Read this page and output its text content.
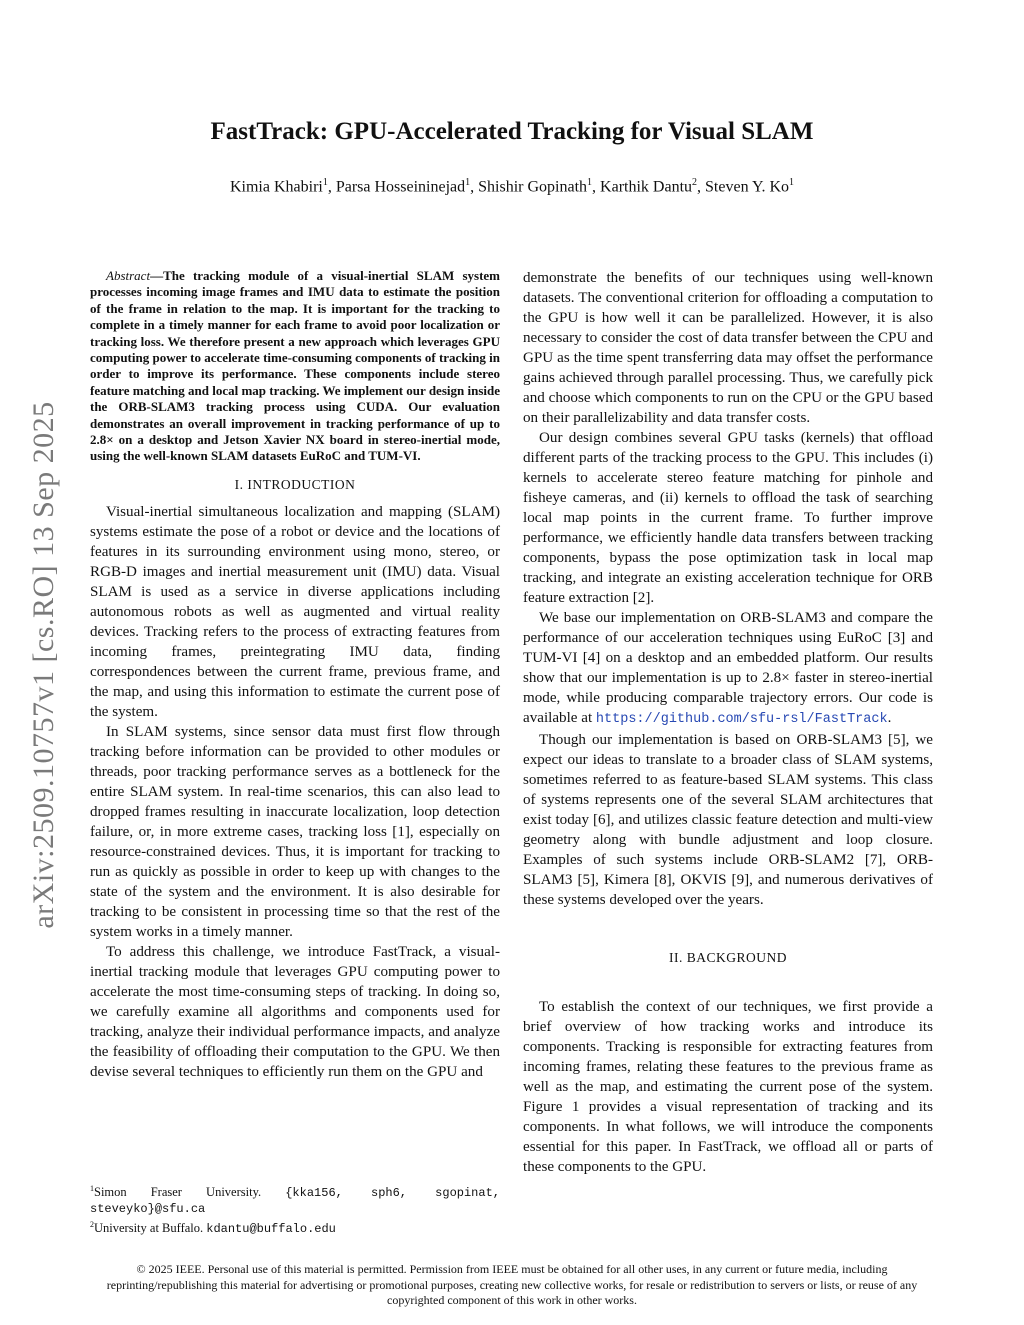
arXiv:2509.10757v1 [cs.RO] 13 Sep 2025
FastTrack: GPU-Accelerated Tracking for Visual SLAM
Kimia Khabiri$^1$, Parsa Hosseininejad$^1$, Shishir Gopinath$^1$, Karthik Dantu$^2$, Steven Y. Ko$^1$

Abstract—The tracking module of a visual-inertial SLAM system processes incoming image frames and IMU data to estimate the position of the frame in relation to the map. It is important for the tracking to complete in a timely manner for each frame to avoid poor localization or tracking loss. We therefore present a new approach which leverages GPU computing power to accelerate time-consuming components of tracking in order to improve its performance. These components include stereo feature matching and local map tracking. We implement our design inside the ORB-SLAM3 tracking process using CUDA. Our evaluation demonstrates an overall improvement in tracking performance of up to 2.8× on a desktop and Jetson Xavier NX board in stereo-inertial mode, using the well-known SLAM datasets EuRoC and TUM-VI.

I. INTRODUCTION

Visual-inertial simultaneous localization and mapping (SLAM) systems estimate the pose of a robot or device and the locations of features in its surrounding environment using mono, stereo, or RGB-D images and inertial measurement unit (IMU) data. Visual SLAM is used as a service in diverse applications including autonomous robots as well as augmented and virtual reality devices. Tracking refers to the process of extracting features from incoming frames, preintegrating IMU data, finding correspondences between the current frame, previous frame, and the map, and using this information to estimate the current pose of the system.

In SLAM systems, since sensor data must first flow through tracking before information can be provided to other modules or threads, poor tracking performance serves as a bottleneck for the entire SLAM system. In real-time scenarios, this can also lead to dropped frames resulting in inaccurate localization, loop detection failure, or, in more extreme cases, tracking loss [1], especially on resource-constrained devices. Thus, it is important for tracking to run as quickly as possible in order to keep up with changes to the state of the system and the environment. It is also desirable for tracking to be consistent in processing time so that the rest of the system works in a timely manner.

To address this challenge, we introduce FastTrack, a visual-inertial tracking module that leverages GPU computing power to accelerate the most time-consuming steps of tracking. In doing so, we carefully examine all algorithms and components used for tracking, analyze their individual performance impacts, and analyze the feasibility of offloading their computation to the GPU. We then devise several techniques to efficiently run them on the GPU and

demonstrate the benefits of our techniques using well-known datasets. The conventional criterion for offloading a computation to the GPU is how well it can be parallelized. However, it is also necessary to consider the cost of data transfer between the CPU and GPU as the time spent transferring data may offset the performance gains achieved through parallel processing. Thus, we carefully pick and choose which components to run on the CPU or the GPU based on their parallelizability and data transfer costs.

Our design combines several GPU tasks (kernels) that offload different parts of the tracking process to the GPU. This includes (i) kernels to accelerate stereo feature matching for pinhole and fisheye cameras, and (ii) kernels to offload the task of searching local map points in the current frame. To further improve performance, we efficiently handle data transfers between tracking components, bypass the pose optimization task in local map tracking, and integrate an existing acceleration technique for ORB feature extraction [2].

We base our implementation on ORB-SLAM3 and compare the performance of our acceleration techniques using EuRoC [3] and TUM-VI [4] on a desktop and an embedded platform. Our results show that our implementation is up to 2.8× faster in stereo-inertial mode, while producing comparable trajectory errors. Our code is available at https://github.com/sfu-rsl/FastTrack.

Though our implementation is based on ORB-SLAM3 [5], we expect our ideas to translate to a broader class of SLAM systems, sometimes referred to as feature-based SLAM systems. This class of systems represents one of the several SLAM architectures that exist today [6], and utilizes classic feature detection and multi-view geometry along with bundle adjustment and loop closure. Examples of such systems include ORB-SLAM2 [7], ORB-SLAM3 [5], Kimera [8], OKVIS [9], and numerous derivatives of these systems developed over the years.

II. BACKGROUND

To establish the context of our techniques, we first provide a brief overview of how tracking works and introduce its components. Tracking is responsible for extracting features from incoming frames, relating these features to the previous frame as well as the map, and estimating the current pose of the system. Figure 1 provides a visual representation of tracking and its components. In what follows, we will introduce the components essential for this paper. In FastTrack, we offload all or parts of these components to the GPU.

$^1$Simon Fraser University. {kka156, sph6, sgopinat, steveyko}@sfu.ca
$^2$University at Buffalo. kdantu@buffalo.edu
© 2025 IEEE. Personal use of this material is permitted. Permission from IEEE must be obtained for all other uses, in any current or future media, including reprinting/republishing this material for advertising or promotional purposes, creating new collective works, for resale or redistribution to servers or lists, or reuse of any copyrighted component of this work in other works.
